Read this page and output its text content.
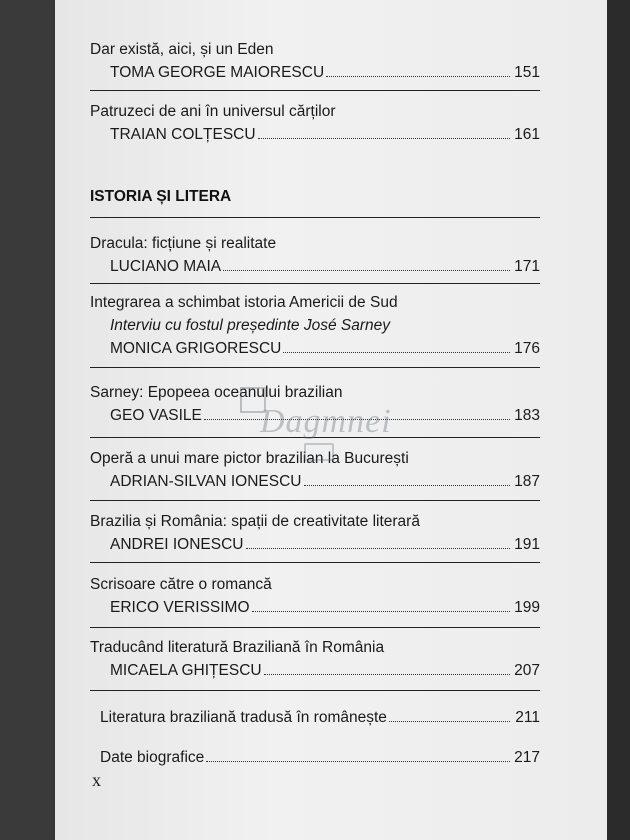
Dar există, aici, și un Eden
TOMA GEORGE MAIORESCU	151
Patruzeci de ani în universul cărților
TRAIAN COLȚESCU	161
ISTORIA ȘI LITERA
Dracula: ficțiune și realitate
LUCIANO MAIA	171
Integrarea a schimbat istoria Americii de Sud
Interviu cu fostul președinte José Sarney
MONICA GRIGORESCU	176
Sarney: Epopeea oceanului brazilian
GEO VASILE	183
Operă a unui mare pictor brazilian la București
ADRIAN-SILVAN IONESCU	187
Brazilia și România: spații de creativitate literară
ANDREI IONESCU	191
Scrisoare către o romancă
ERICO VERISSIMO	199
Traducând literatură Braziliană în România
MICAELA GHIȚESCU	207
Literatura braziliană tradusă în românește	211
Date biografice	217
x
Dagmnei
